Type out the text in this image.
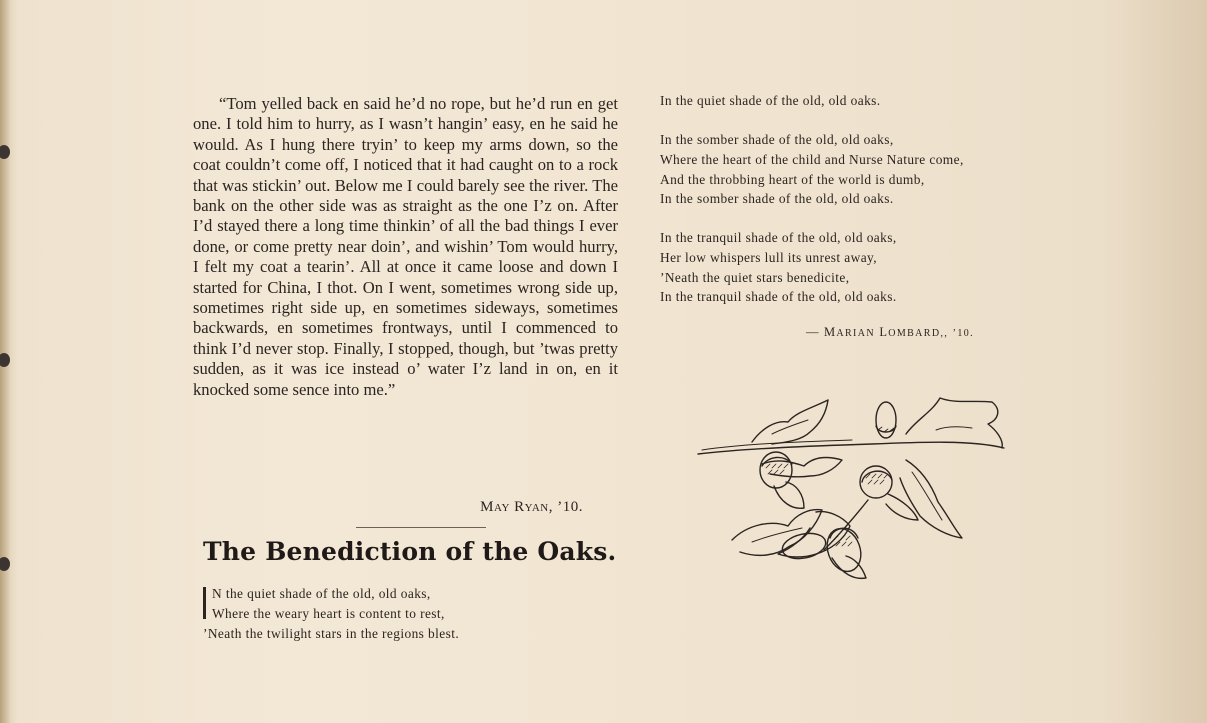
“Tom yelled back en said he’d no rope, but he’d run en get one. I told him to hurry, as I wasn’t hangin’ easy, en he said he would. As I hung there tryin’ to keep my arms down, so the coat couldn’t come off, I noticed that it had caught on to a rock that was stickin’ out. Below me I could barely see the river. The bank on the other side was as straight as the one I’z on. After I’d stayed there a long time thinkin’ of all the bad things I ever done, or come pretty near doin’, and wishin’ Tom would hurry, I felt my coat a tearin’. All at once it came loose and down I started for China, I thot. On I went, sometimes wrong side up, sometimes right side up, en sometimes sideways, sometimes backwards, en sometimes frontways, until I commenced to think I’d never stop. Finally, I stopped, though, but ’twas pretty sudden, as it was ice instead o’ water I’z land in on, en it knocked some sence into me.”

May Ryan, ’10.
The Benediction of the Oaks.
N the quiet shade of the old, old oaks,
Where the weary heart is content to rest,
’Neath the twilight stars in the regions blest.
In the quiet shade of the old, old oaks.
In the somber shade of the old, old oaks,
Where the heart of the child and Nurse Nature come,
And the throbbing heart of the world is dumb,
In the somber shade of the old, old oaks.
In the tranquil shade of the old, old oaks,
Her low whispers lull its unrest away,
’Neath the quiet stars benedicite,
In the tranquil shade of the old, old oaks.
— MARIAN LOMBARD,, ’10.
